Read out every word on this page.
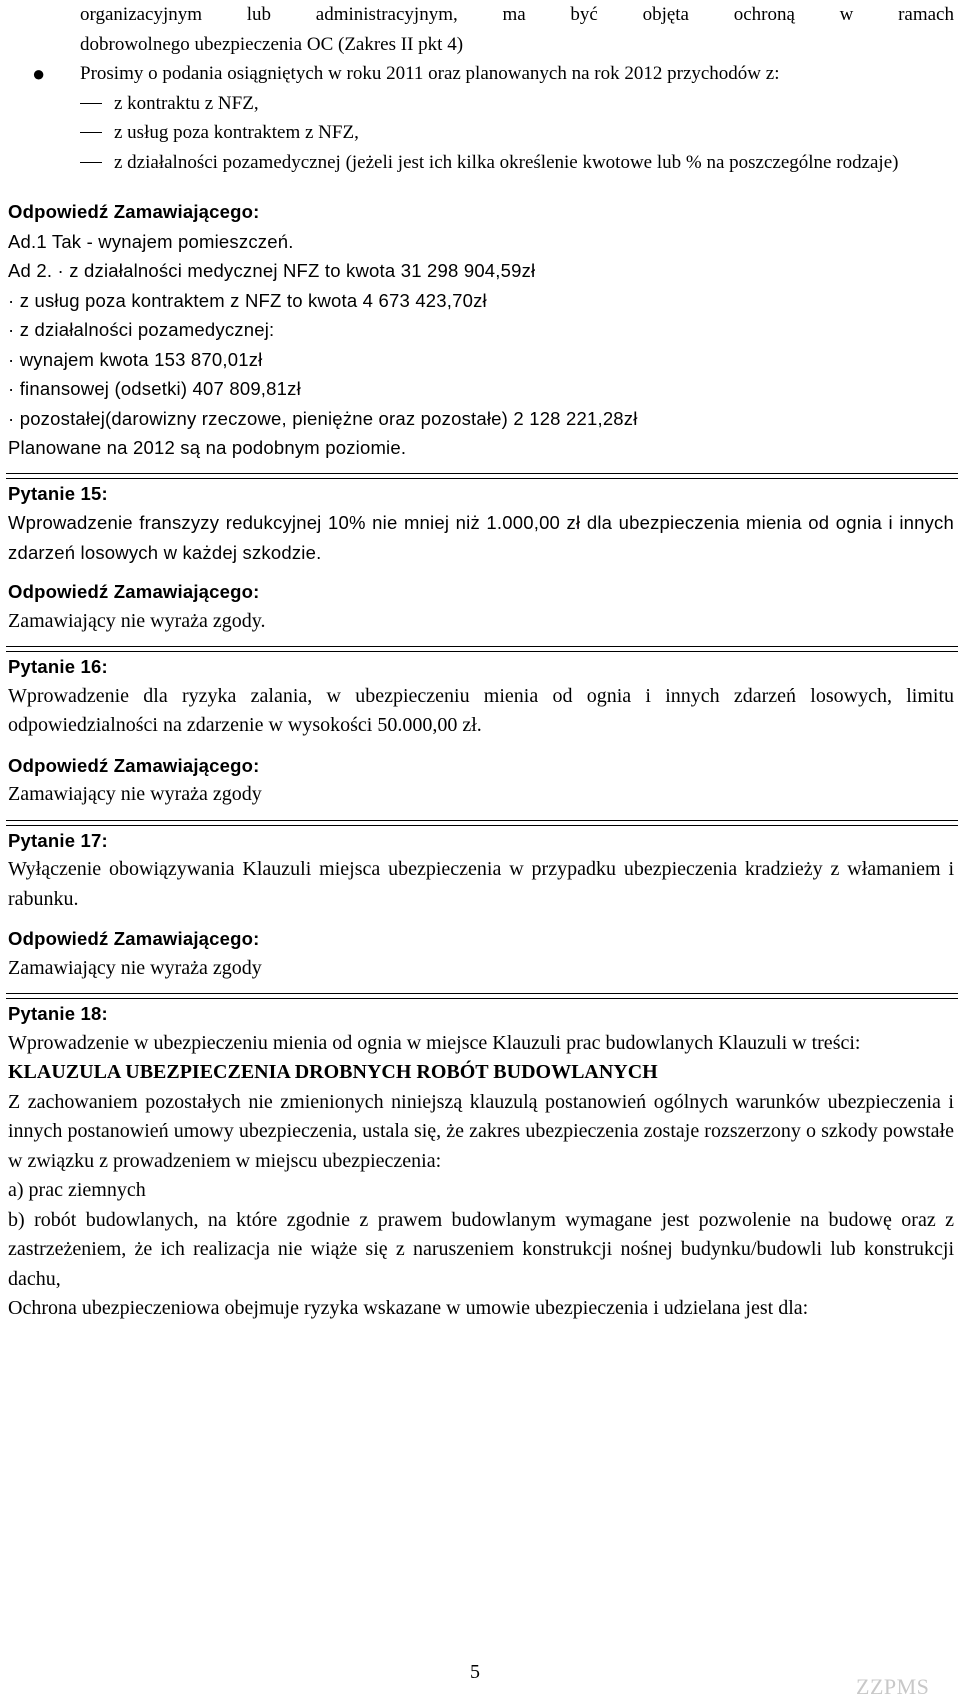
organizacyjnym lub administracyjnym, ma być objęta ochroną w ramach
dobrowolnego ubezpieczenia OC (Zakres II pkt 4)
● Prosimy o podania osiągniętych w roku 2011 oraz planowanych na rok 2012 przychodów z:
z kontraktu z NFZ,
z usług poza kontraktem z NFZ,
z działalności pozamedycznej (jeżeli jest ich kilka określenie kwotowe lub % na poszczególne rodzaje)
Odpowiedź Zamawiającego:
Ad.1 Tak - wynajem pomieszczeń.
Ad 2. · z działalności medycznej NFZ to kwota 31 298 904,59zł
· z usług poza kontraktem z NFZ to kwota 4 673 423,70zł
· z działalności pozamedycznej:
· wynajem kwota 153 870,01zł
· finansowej (odsetki) 407 809,81zł
· pozostałej(darowizny rzeczowe, pieniężne oraz pozostałe) 2 128 221,28zł
Planowane na 2012 są na podobnym poziomie.
Pytanie 15:
Wprowadzenie franszyzy redukcyjnej 10% nie mniej niż 1.000,00 zł dla ubezpieczenia mienia od ognia i innych zdarzeń losowych w każdej szkodzie.
Odpowiedź Zamawiającego:
Zamawiający nie wyraża zgody.
Pytanie 16:
Wprowadzenie dla ryzyka zalania, w ubezpieczeniu mienia od ognia i innych zdarzeń losowych, limitu odpowiedzialności na zdarzenie w wysokości 50.000,00 zł.
Odpowiedź Zamawiającego:
Zamawiający nie wyraża zgody
Pytanie 17:
Wyłączenie obowiązywania Klauzuli miejsca ubezpieczenia w przypadku ubezpieczenia kradzieży z włamaniem i rabunku.
Odpowiedź Zamawiającego:
Zamawiający nie wyraża zgody
Pytanie 18:
Wprowadzenie w ubezpieczeniu mienia od ognia w miejsce Klauzuli prac budowlanych Klauzuli w treści:
KLAUZULA UBEZPIECZENIA DROBNYCH ROBÓT BUDOWLANYCH
Z zachowaniem pozostałych nie zmienionych niniejszą klauzulą postanowień ogólnych warunków ubezpieczenia i innych postanowień umowy ubezpieczenia, ustala się, że zakres ubezpieczenia zostaje rozszerzony o szkody powstałe w związku z prowadzeniem w miejscu ubezpieczenia:
a) prac ziemnych
b) robót budowlanych, na które zgodnie z prawem budowlanym wymagane jest pozwolenie na budowę oraz z zastrzeżeniem, że ich realizacja nie wiąże się z naruszeniem konstrukcji nośnej budynku/budowli lub konstrukcji dachu,
Ochrona ubezpieczeniowa obejmuje ryzyka wskazane w umowie ubezpieczenia i udzielana jest dla:
5
ZZPMS
